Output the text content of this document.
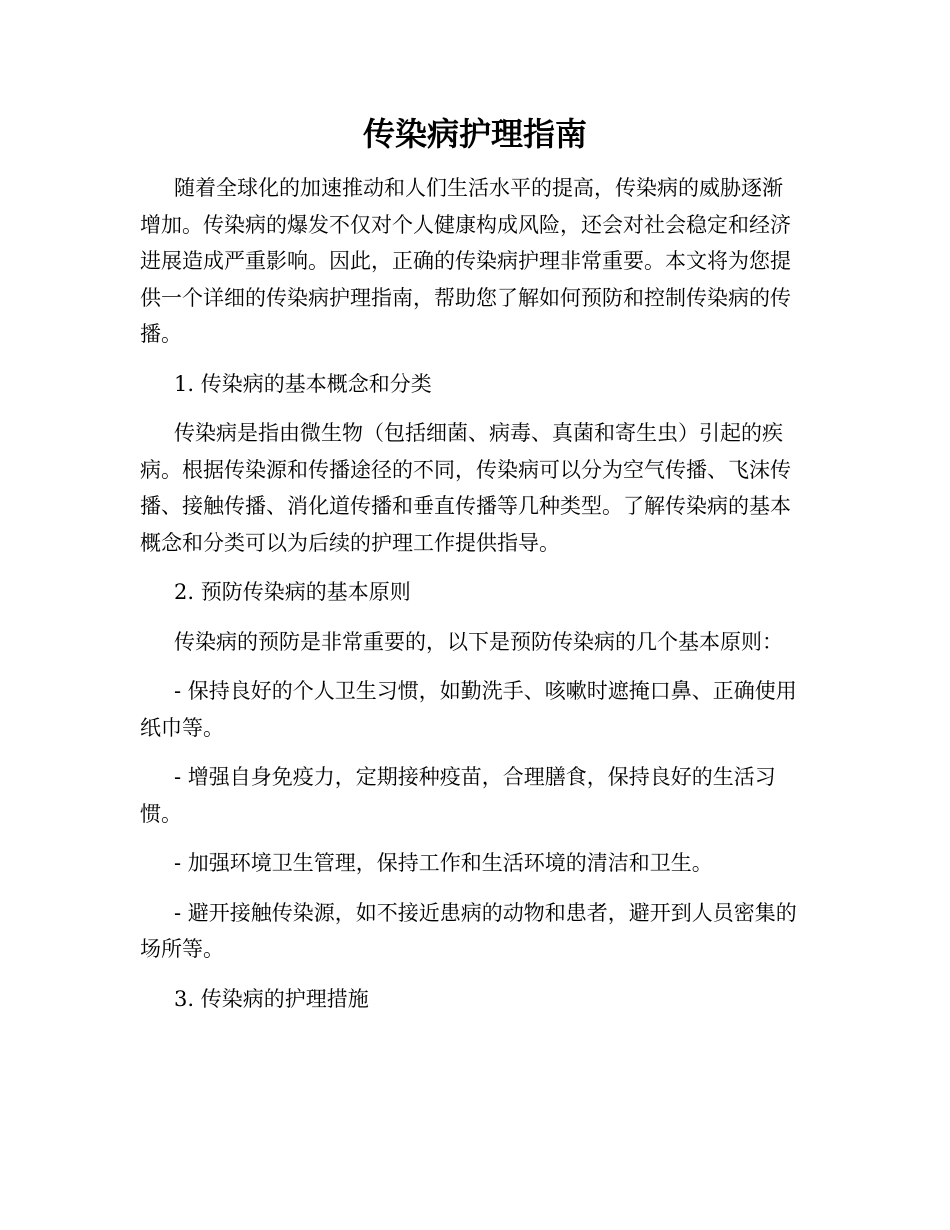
传染病护理指南

随着全球化的加速推动和人们生活水平的提高，传染病的威胁逐渐增加。传染病的爆发不仅对个人健康构成风险，还会对社会稳定和经济进展造成严重影响。因此，正确的传染病护理非常重要。本文将为您提供一个详细的传染病护理指南，帮助您了解如何预防和控制传染病的传播。

1. 传染病的基本概念和分类

传染病是指由微生物（包括细菌、病毒、真菌和寄生虫）引起的疾病。根据传染源和传播途径的不同，传染病可以分为空气传播、飞沫传播、接触传播、消化道传播和垂直传播等几种类型。了解传染病的基本概念和分类可以为后续的护理工作提供指导。

2. 预防传染病的基本原则

传染病的预防是非常重要的，以下是预防传染病的几个基本原则：

- 保持良好的个人卫生习惯，如勤洗手、咳嗽时遮掩口鼻、正确使用纸巾等。

- 增强自身免疫力，定期接种疫苗，合理膳食，保持良好的生活习惯。

- 加强环境卫生管理，保持工作和生活环境的清洁和卫生。

- 避开接触传染源，如不接近患病的动物和患者，避开到人员密集的场所等。

3. 传染病的护理措施
